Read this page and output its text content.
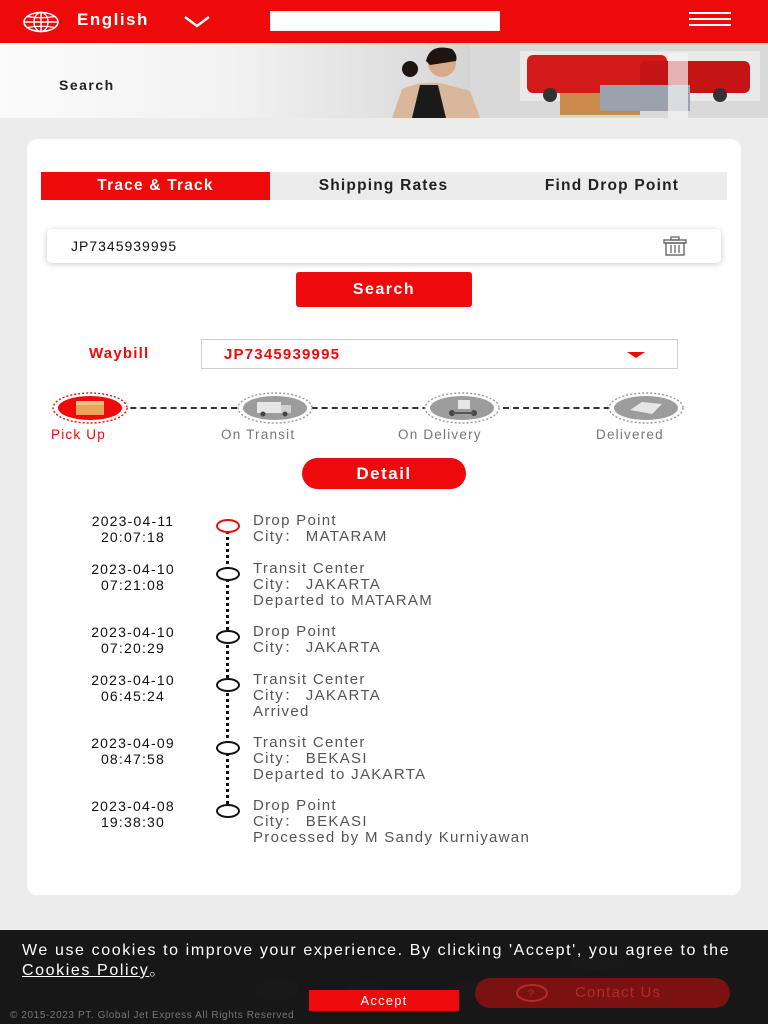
English
Search
Trace & Track	Shipping Rates	Find Drop Point
JP7345939995
Search
Waybill	JP7345939995
Pick Up	On Transit	On Delivery	Delivered
Detail
2023-04-11
20:07:18
Drop Point
City： MATARAM
2023-04-10
07:21:08
Transit Center
City： JAKARTA
Departed to MATARAM
2023-04-10
07:20:29
Drop Point
City： JAKARTA
2023-04-10
06:45:24
Transit Center
City： JAKARTA
Arrived
2023-04-09
08:47:58
Transit Center
City： BEKASI
Departed to JAKARTA
2023-04-08
19:38:30
Drop Point
City： BEKASI
Processed by M Sandy Kurniyawan
We use cookies to improve your experience. By clicking 'Accept', you agree to the Cookies Policy。
?	Contact Us
Accept
© 2015-2023 PT. Global Jet Express All Rights Reserved
